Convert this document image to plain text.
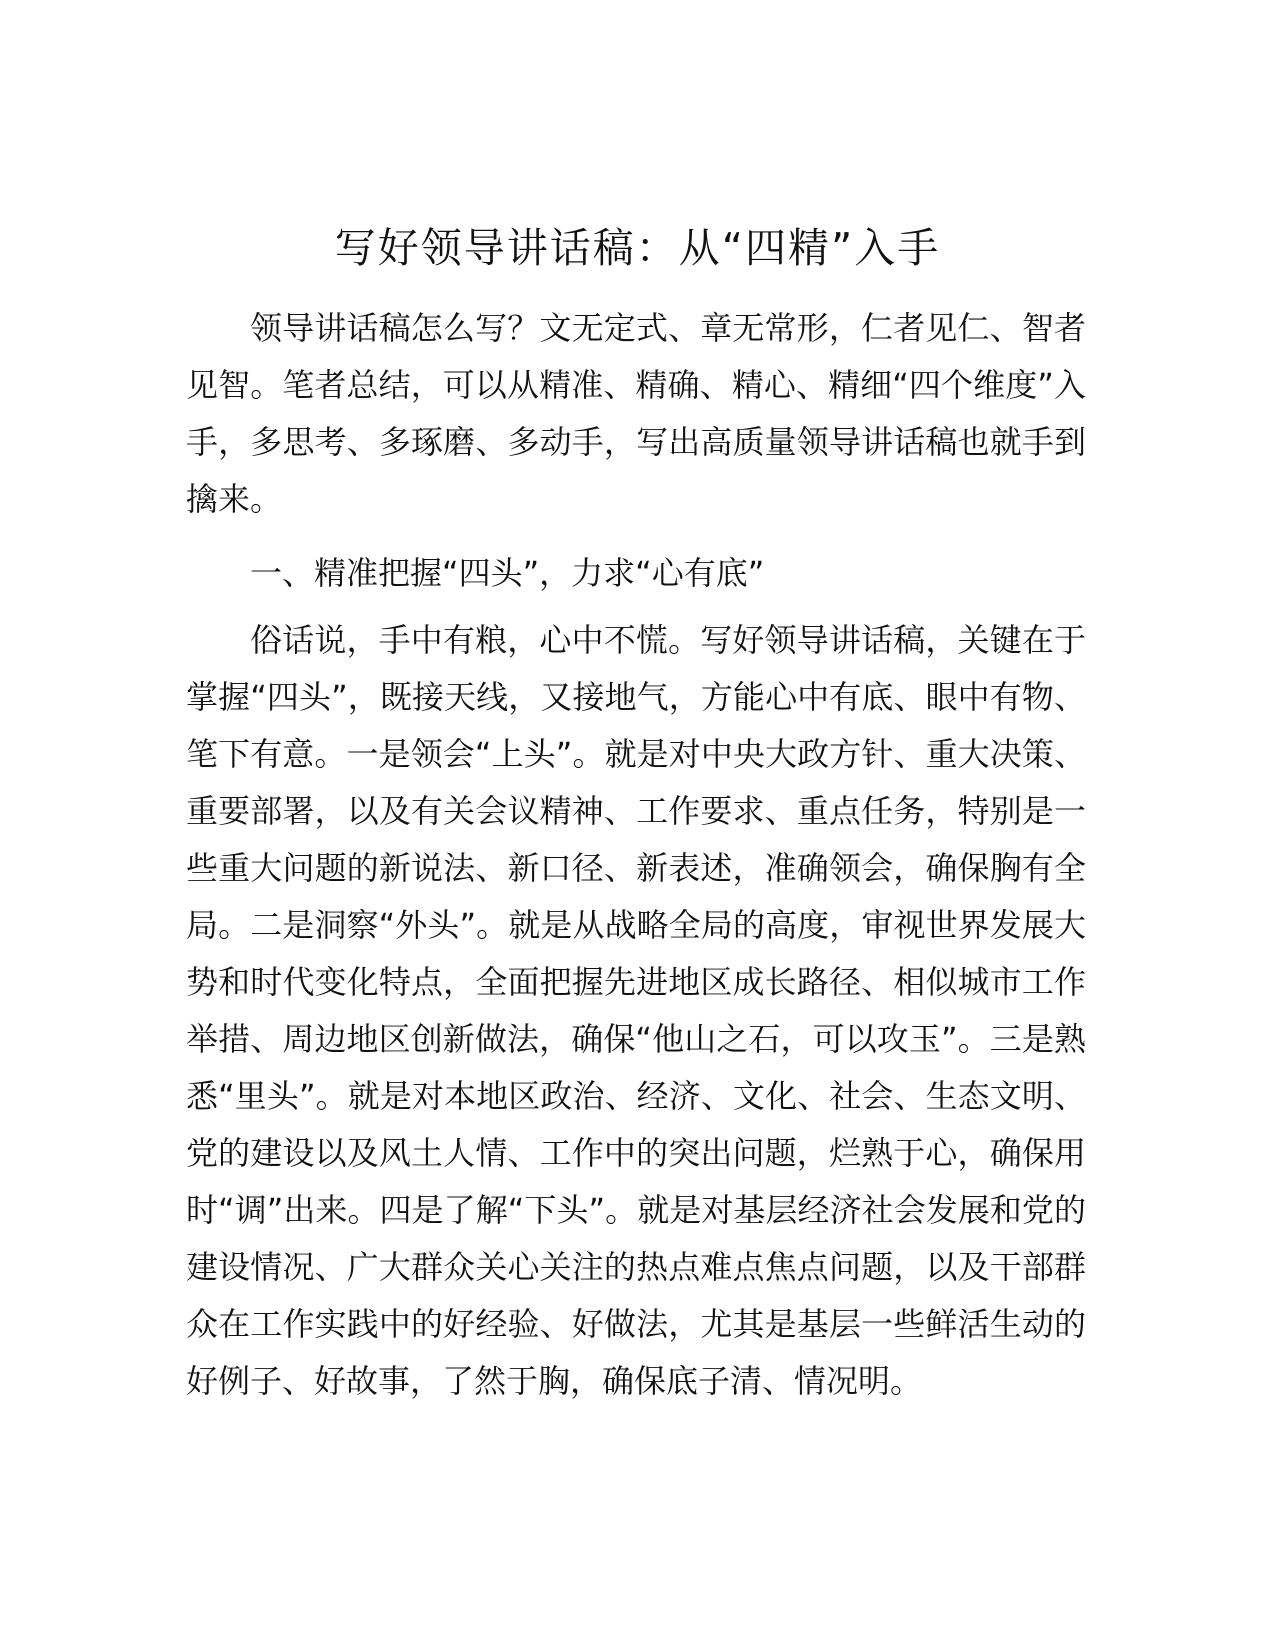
写好领导讲话稿：从“四精”入手

领导讲话稿怎么写？文无定式、章无常形，仁者见仁、智者见智。笔者总结，可以从精准、精确、精心、精细“四个维度”入手，多思考、多琢磨、多动手，写出高质量领导讲话稿也就手到擒来。

一、精准把握“四头”，力求“心有底”

俗话说，手中有粮，心中不慌。写好领导讲话稿，关键在于掌握“四头”，既接天线，又接地气，方能心中有底、眼中有物、笔下有意。一是领会“上头”。就是对中央大政方针、重大决策、重要部署，以及有关会议精神、工作要求、重点任务，特别是一些重大问题的新说法、新口径、新表述，准确领会，确保胸有全局。二是洞察“外头”。就是从战略全局的高度，审视世界发展大势和时代变化特点，全面把握先进地区成长路径、相似城市工作举措、周边地区创新做法，确保“他山之石，可以攻玉”。三是熟悉“里头”。就是对本地区政治、经济、文化、社会、生态文明、党的建设以及风土人情、工作中的突出问题，烂熟于心，确保用时“调”出来。四是了解“下头”。就是对基层经济社会发展和党的建设情况、广大群众关心关注的热点难点焦点问题，以及干部群众在工作实践中的好经验、好做法，尤其是基层一些鲜活生动的好例子、好故事，了然于胸，确保底子清、情况明。
